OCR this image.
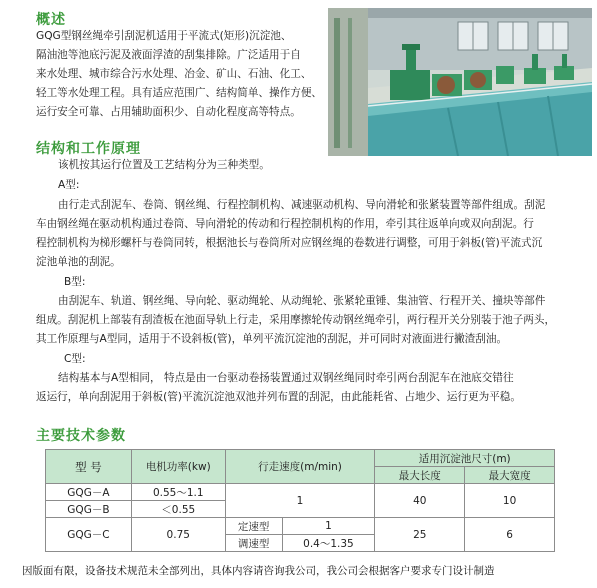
概述
GQG型钢丝绳牵引刮泥机适用于平流式(矩形)沉淀池、
隔油池等池底污泥及液面浮渣的刮集排除。广泛适用于自
来水处理、城市综合污水处理、冶金、矿山、石油、化工、
轻工等水处理工程。具有适应范围广、结构简单、操作方便、
运行安全可靠、占用辅助面积少、自动化程度高等特点。
结构和工作原理
该机按其运行位置及工艺结构分为三种类型。
A型:
由行走式刮泥车、卷筒、钢丝绳、行程控制机构、减速驱动机构、导向滑轮和张紧装置等部件组成。刮泥
车由钢丝绳在驱动机构通过卷筒、导向滑轮的传动和行程控制机构的作用，牵引其往返单向或双向刮泥。行
程控制机构为梯形螺杆与卷筒同转，根据池长与卷筒所对应钢丝绳的卷数进行调整，可用于斜板(管)平流式沉
淀池单池的刮泥。
B型:
由刮泥车、轨道、钢丝绳、导向轮、驱动绳轮、从动绳轮、张紧轮重锤、集油管、行程开关、撞块等部件
组成。刮泥机上部装有刮渣板在池面导轨上行走，采用摩擦轮传动钢丝绳牵引，两行程开关分别装于池子两头，
其工作原理与A型同，适用于不设斜板(管)，单列平流沉淀池的刮泥，并可同时对液面进行撇渣刮油。
C型:
结构基本与A型相同， 特点是由一台驱动卷扬装置通过双钢丝绳同时牵引两台刮泥车在池底交错往
返运行，单向刮泥用于斜板(管)平流沉淀池双池并列布置的刮泥，由此能耗省、占地少、运行更为平稳。
主要技术参数
型 号	电机功率(kw)	行走速度(m/min)		适用沉淀池尺寸(m)	
				最大长度	最大宽度
GQG－A	0.55～1.1	1		40	10
GQG－B	＜0.55				
GQG－C	0.75	定速型	1	25	6
		调速型	0.4～1.35		
因版面有限，设备技术规范未全部列出，具体内容请咨询我公司，我公司会根据客户要求专门设计制造
